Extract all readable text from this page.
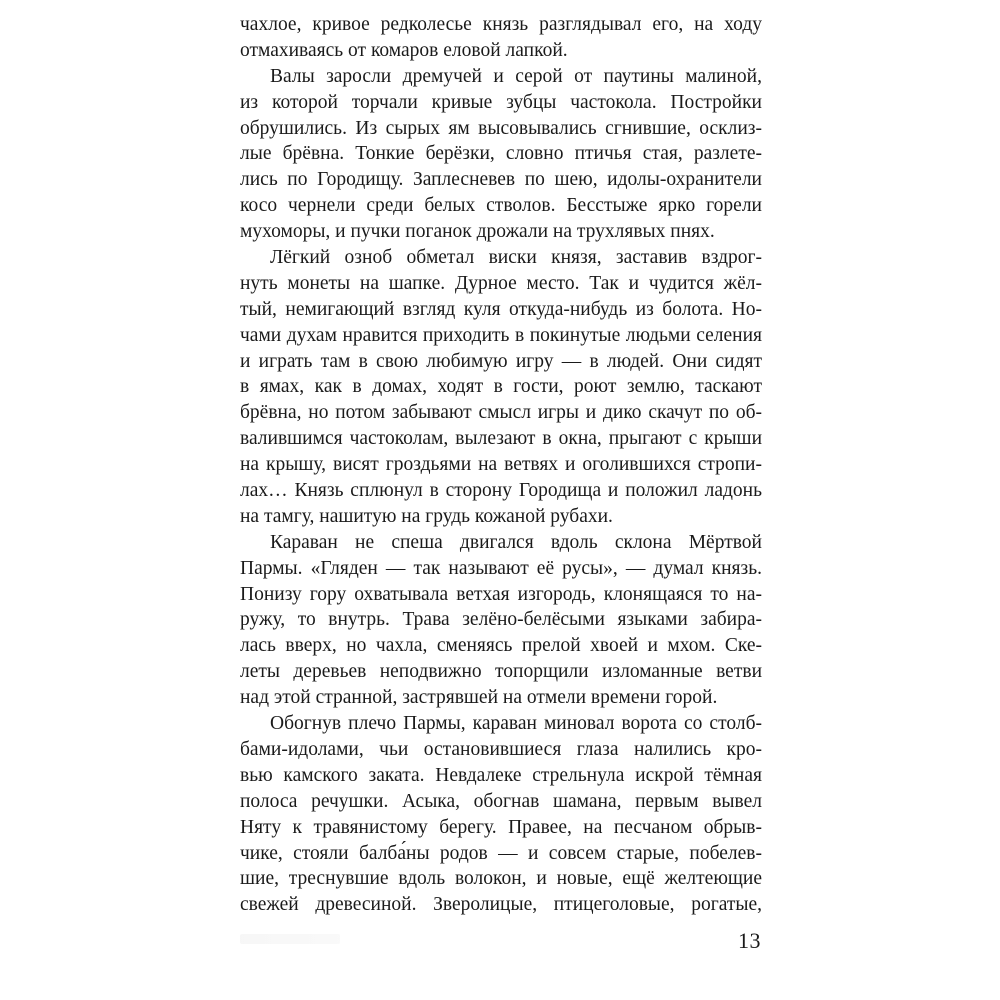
чахлое, кривое редколесье князь разглядывал его, на ходу
отмахиваясь от комаров еловой лапкой.
Валы заросли дремучей и серой от паутины малиной,
из которой торчали кривые зубцы частокола. Постройки
обрушились. Из сырых ям высовывались сгнившие, осклиз-
лые брёвна. Тонкие берёзки, словно птичья стая, разлете-
лись по Городищу. Заплесневев по шею, идолы-охранители
косо чернели среди белых стволов. Бесстыже ярко горели
мухоморы, и пучки поганок дрожали на трухлявых пнях.
Лёгкий озноб обметал виски князя, заставив вздрог-
нуть монеты на шапке. Дурное место. Так и чудится жёл-
тый, немигающий взгляд куля откуда-нибудь из болота. Но-
чами духам нравится приходить в покинутые людьми селения
и играть там в свою любимую игру — в людей. Они сидят
в ямах, как в домах, ходят в гости, роют землю, таскают
брёвна, но потом забывают смысл игры и дико скачут по об-
валившимся частоколам, вылезают в окна, прыгают с крыши
на крышу, висят гроздьями на ветвях и оголившихся стропи-
лах… Князь сплюнул в сторону Городища и положил ладонь
на тамгу, нашитую на грудь кожаной рубахи.
Караван не спеша двигался вдоль склона Мёртвой
Пармы. «Гляден — так называют её русы», — думал князь.
Понизу гору охватывала ветхая изгородь, клонящаяся то на-
ружу, то внутрь. Трава зелёно-белёсыми языками забира-
лась вверх, но чахла, сменяясь прелой хвоей и мхом. Ске-
леты деревьев неподвижно топорщили изломанные ветви
над этой странной, застрявшей на отмели времени горой.
Обогнув плечо Пармы, караван миновал ворота со столб-
бами-идолами, чьи остановившиеся глаза налились кро-
вью камского заката. Невдалеке стрельнула искрой тёмная
полоса речушки. Асыка, обогнав шамана, первым вывел
Няту к травянистому берегу. Правее, на песчаном обрыв-
чике, стояли балба́ны родов — и совсем старые, побелев-
шие, треснувшие вдоль волокон, и новые, ещё желтеющие
свежей древесиной. Зверолицые, птицеголовые, рогатые,
13
